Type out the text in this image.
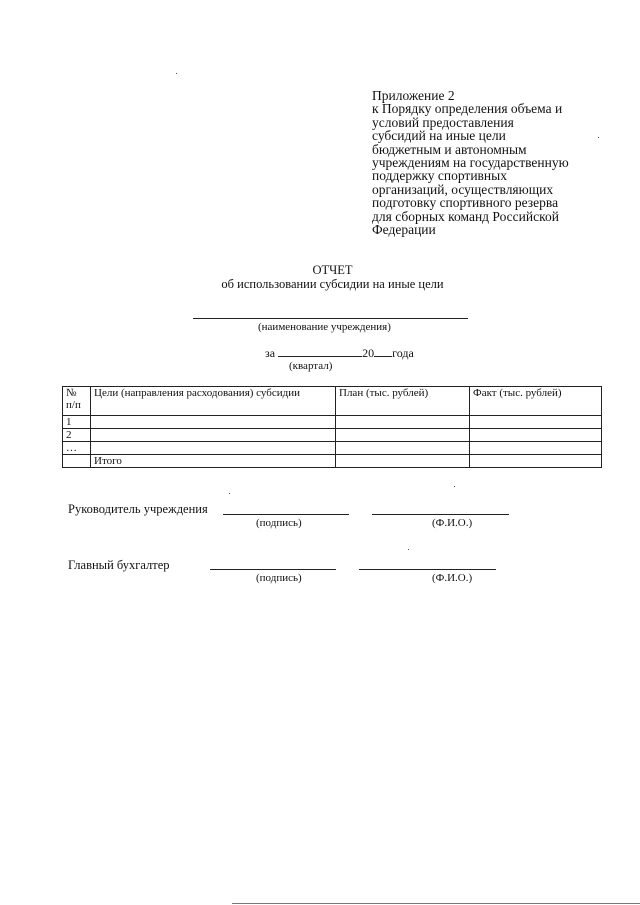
Приложение 2
к Порядку определения объема и
условий предоставления
субсидий на иные цели
бюджетным и автономным
учреждениям на государственную
поддержку спортивных
организаций, осуществляющих
подготовку спортивного резерва
для сборных команд Российской
Федерации
ОТЧЕТ
об использовании субсидии на иные цели
(наименование учреждения)
за	20 года
(квартал)
№ п/п	Цели (направления расходования) субсидии	План (тыс. рублей)	Факт (тыс. рублей)
1			
2			
…			
	Итого		
Руководитель учреждения
(подпись)	(Ф.И.О.)
Главный бухгалтер
(подпись)	(Ф.И.О.)
